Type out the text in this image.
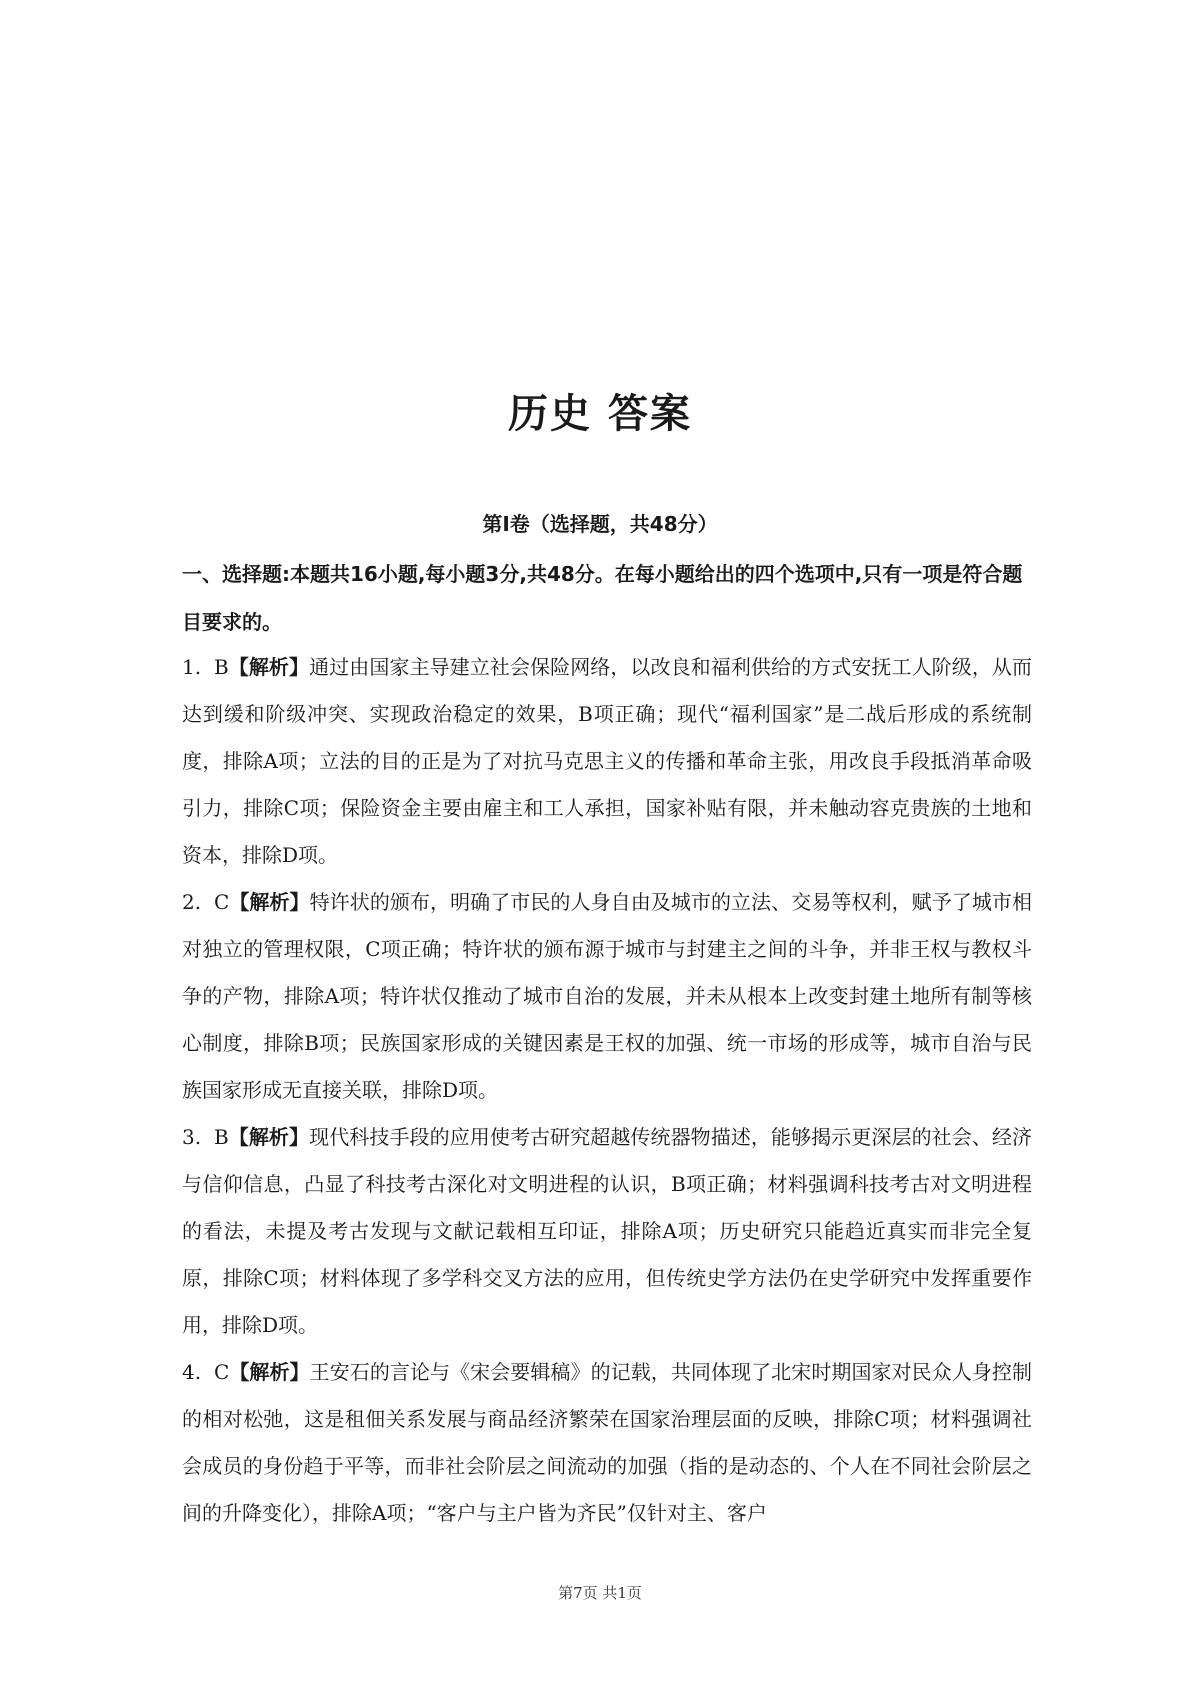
历史 答案
第Ⅰ卷（选择题，共48分）

一、选择题:本题共16小题,每小题3分,共48分。在每小题给出的四个选项中,只有一项是符合题目要求的。

1. B【解析】通过由国家主导建立社会保险网络，以改良和福利供给的方式安抚工人阶级，从而达到缓和阶级冲突、实现政治稳定的效果，B项正确；现代“福利国家”是二战后形成的系统制度，排除A项；立法的目的正是为了对抗马克思主义的传播和革命主张，用改良手段抵消革命吸引力，排除C项；保险资金主要由雇主和工人承担，国家补贴有限，并未触动容克贵族的土地和资本，排除D项。

2. C【解析】特许状的颁布，明确了市民的人身自由及城市的立法、交易等权利，赋予了城市相对独立的管理权限，C项正确；特许状的颁布源于城市与封建主之间的斗争，并非王权与教权斗争的产物，排除A项；特许状仅推动了城市自治的发展，并未从根本上改变封建土地所有制等核心制度，排除B项；民族国家形成的关键因素是王权的加强、统一市场的形成等，城市自治与民族国家形成无直接关联，排除D项。

3. B【解析】现代科技手段的应用使考古研究超越传统器物描述，能够揭示更深层的社会、经济与信仰信息，凸显了科技考古深化对文明进程的认识，B项正确；材料强调科技考古对文明进程的看法，未提及考古发现与文献记载相互印证，排除A项；历史研究只能趋近真实而非完全复原，排除C项；材料体现了多学科交叉方法的应用，但传统史学方法仍在史学研究中发挥重要作用，排除D项。

4. C【解析】王安石的言论与《宋会要辑稿》的记载，共同体现了北宋时期国家对民众人身控制的相对松弛，这是租佃关系发展与商品经济繁荣在国家治理层面的反映，排除C项；材料强调社会成员的身份趋于平等，而非社会阶层之间流动的加强（指的是动态的、个人在不同社会阶层之间的升降变化），排除A项；“客户与主户皆为齐民”仅针对主、客户

第7页 共1页
